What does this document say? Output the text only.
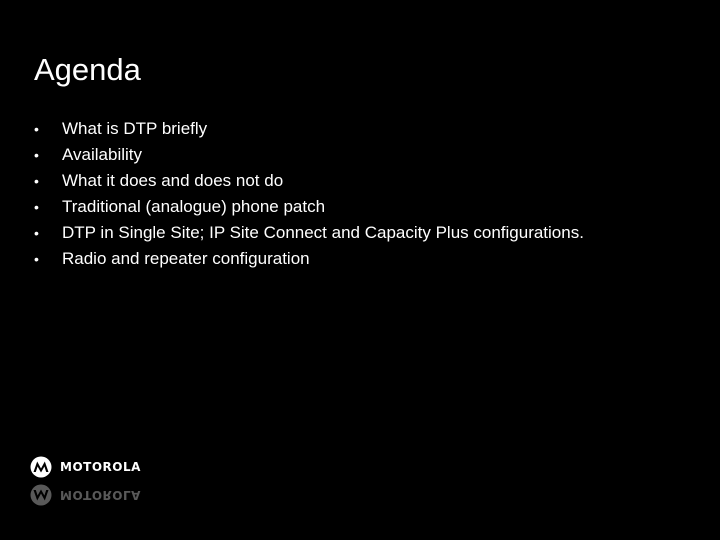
Agenda
• What is DTP briefly
• Availability
• What it does and does not do
• Traditional (analogue) phone patch
• DTP in Single Site; IP Site Connect and Capacity Plus configurations.
• Radio and repeater configuration
MOTOROLA
MOTOROLA
